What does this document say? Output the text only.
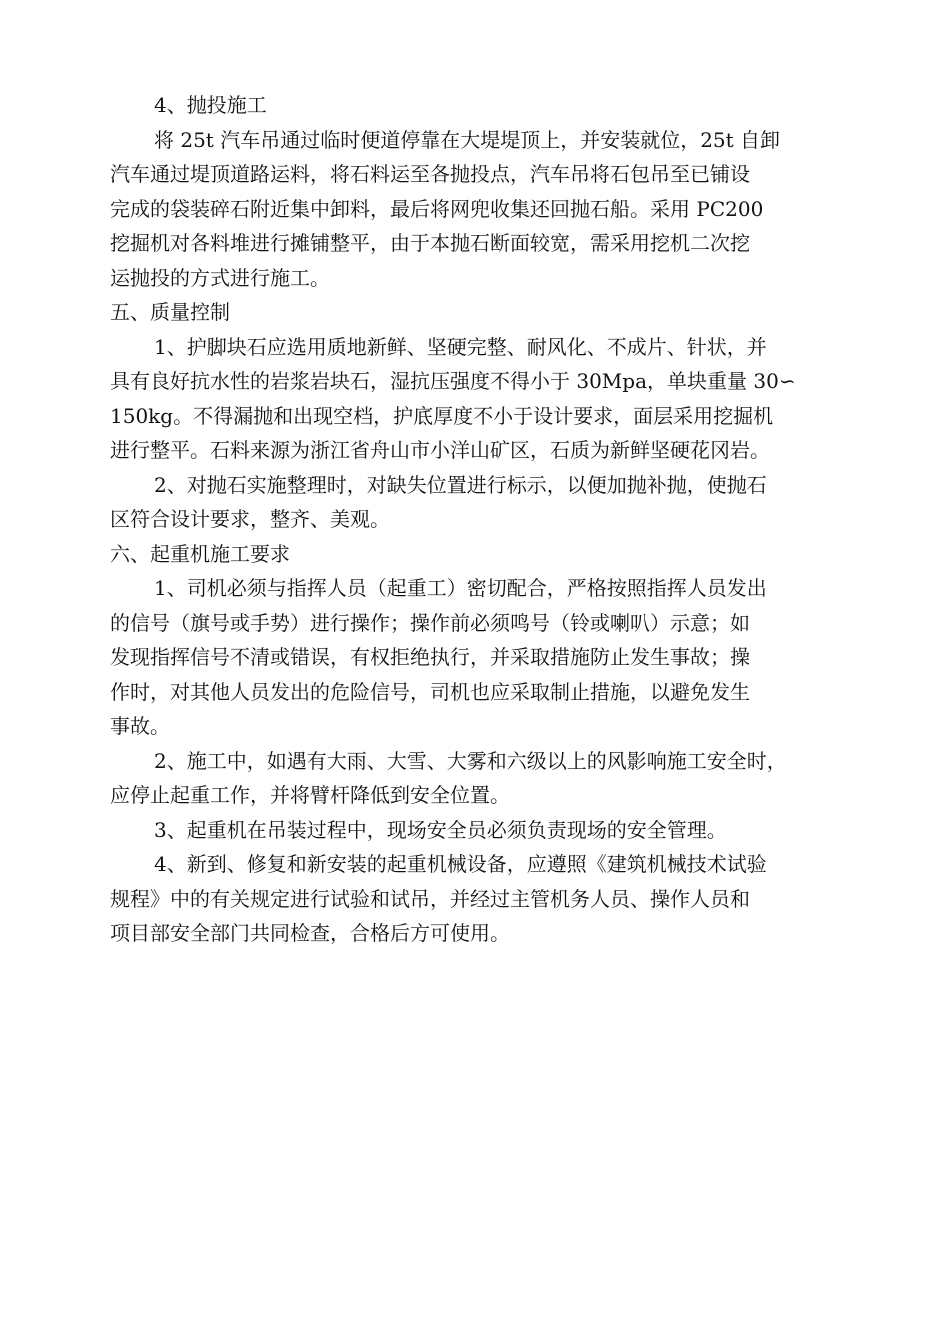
4、抛投施工

将 25t 汽车吊通过临时便道停靠在大堤堤顶上，并安装就位，25t 自卸
汽车通过堤顶道路运料，将石料运至各抛投点，汽车吊将石包吊至已铺设
完成的袋装碎石附近集中卸料，最后将网兜收集还回抛石船。采用 PC200
挖掘机对各料堆进行摊铺整平，由于本抛石断面较宽，需采用挖机二次挖
运抛投的方式进行施工。

五、质量控制

1、护脚块石应选用质地新鲜、坚硬完整、耐风化、不成片、针状，并
具有良好抗水性的岩浆岩块石，湿抗压强度不得小于 30Mpa，单块重量 30∽
150kg。不得漏抛和出现空档，护底厚度不小于设计要求，面层采用挖掘机
进行整平。石料来源为浙江省舟山市小洋山矿区，石质为新鲜坚硬花冈岩。

2、对抛石实施整理时，对缺失位置进行标示，以便加抛补抛，使抛石
区符合设计要求，整齐、美观。

六、起重机施工要求

1、司机必须与指挥人员（起重工）密切配合，严格按照指挥人员发出
的信号（旗号或手势）进行操作；操作前必须鸣号（铃或喇叭）示意；如
发现指挥信号不清或错误，有权拒绝执行，并采取措施防止发生事故；操
作时，对其他人员发出的危险信号，司机也应采取制止措施，以避免发生
事故。

2、施工中，如遇有大雨、大雪、大雾和六级以上的风影响施工安全时，
应停止起重工作，并将臂杆降低到安全位置。

3、起重机在吊装过程中，现场安全员必须负责现场的安全管理。

4、新到、修复和新安装的起重机械设备，应遵照《建筑机械技术试验
规程》中的有关规定进行试验和试吊，并经过主管机务人员、操作人员和
项目部安全部门共同检查，合格后方可使用。
